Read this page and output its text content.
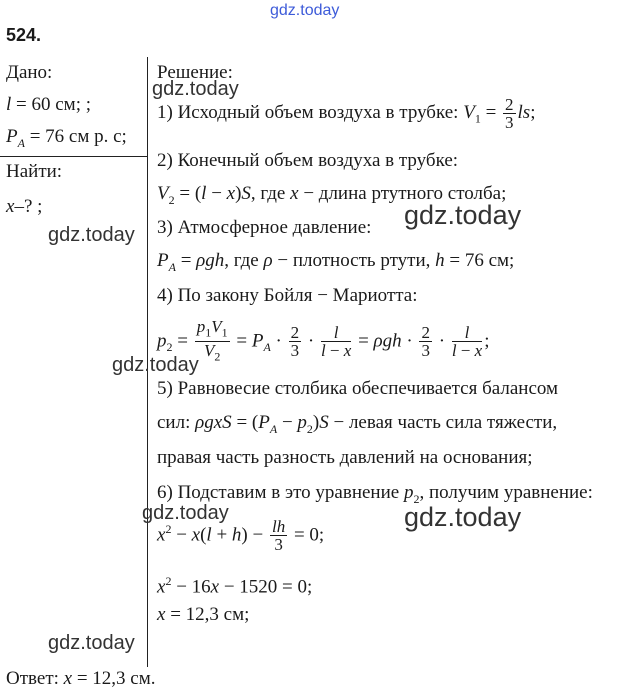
gdz.today
524.
Дано:
l = 60 см; ;
$P_A = 76$ см р. с;
Найти:
x–? ;
gdz.today
gdz.today
gdz.today
gdz.today
gdz.today	gdz.today
gdz.today
Решение:
1) Исходный объем воздуха в трубке: $V_1 = \frac{2}{3}$ ls;
2) Конечный объем воздуха в трубке:
$V_2 = (l - x)S$, где x − длина ртутного столба;
3) Атмосферное давление:
$P_A = \rho gh$, где ρ − плотность ртути, h = 76 см;
4) По закону Бойля − Мариотта:
$p_2 = \frac{p_1V_1}{V_2} = P_A \cdot \frac{2}{3} \cdot \frac{l}{l - x} = \rho gh \cdot \frac{2}{3} \cdot \frac{l}{l - x}$ ;
5) Равновесие столбика обеспечивается балансом
сил: $\rho gxS = (P_A - p_2)S$ − левая часть сила тяжести,
правая часть разность давлений на основания;
6) Подставим в это уравнение $p_2$, получим уравнение:
$x^2 - x(l + h) - \frac{lh}{3} = 0$;
$x^2 - 16x - 1520 = 0$;
x = 12,3 см;
Ответ: x = 12,3 см.
